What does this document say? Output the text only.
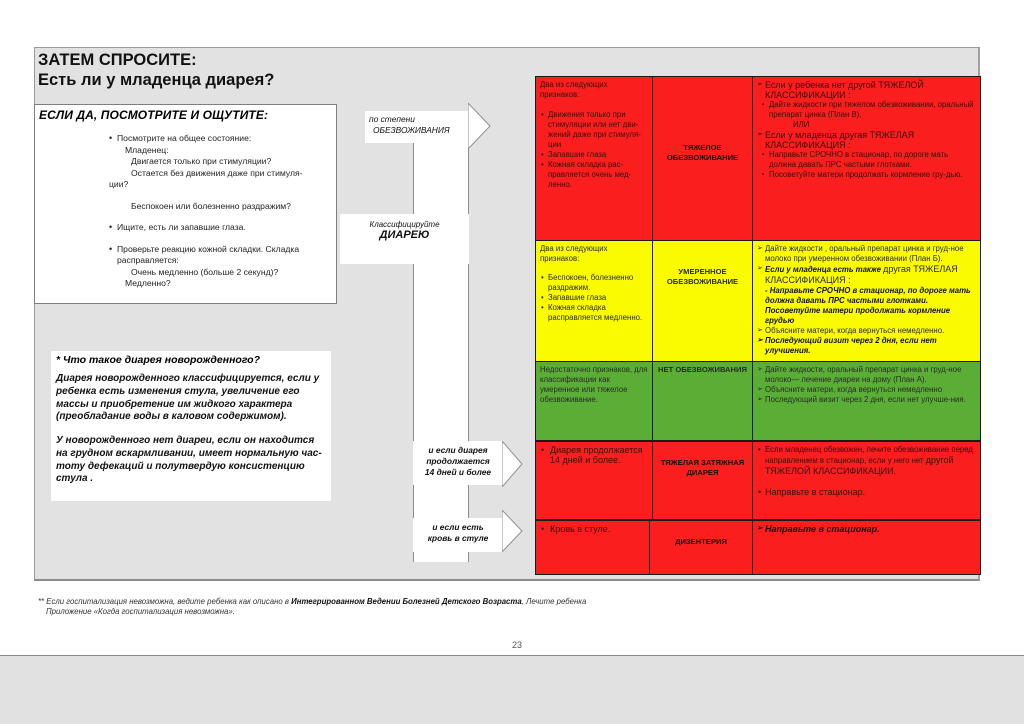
ЗАТЕМ СПРОСИТЕ:
Есть ли у младенца диарея?
ЕСЛИ ДА, ПОСМОТРИТЕ И ОЩУТИТЕ:
• Посмотрите на общее состояние:
Младенец:
Двигается только при стимуляции?
Остается без движения даже при стимуля-
ции?
Беспокоен или болезненно раздражим?
• Ищите, есть ли запавшие глаза.
• Проверьте реакцию кожной складки. Складка расправляется:
Очень медленно (больше 2 секунд)?
Медленно?
* Что такое диарея новорожденного?
Диарея новорожденного классифицируется, если у ребенка есть изменения стула, увеличение его массы и приобретение им жидкого характера (преобладание воды в каловом содержимом).
У новорожденного нет диареи, если он находится на грудном вскармливании, имеет нормальную час-тоту дефекаций и полутвердую консистенцию стула .
по степени
ОБЕЗВОЖИВАНИЯ
Классифицируйте
ДИАРЕЮ
и если диарея
продолжается
14 дней и более
и если есть
кровь в стуле
Два из следующих признаков:
• Движения только при стимуляции или нет дви-жений даже при стимуля-ции
• Запавшие глаза
• Кожная складка рас-правляется очень мед-ленно.
ТЯЖЕЛОЕ ОБЕЗВОЖИВАНИЕ
➢ Если у ребенка нет другой ТЯЖЕЛОЙ КЛАССИФИКАЦИИ :
▪ Дайте жидкости при тяжелом обезвоживании, оральный препарат цинка (План В).
ИЛИ
➢ Если у младенца другая ТЯЖЕЛАЯ КЛАССИФИКАЦИЯ :
▪ Направьте СРОЧНО в стационар, по дороге мать должна давать ПРС частыми глотками.
▪ Посоветуйте матери продолжать кормление гру-дью.
Два из следующих признаков:
• Беспокоен, болезненно раздражим.
• Запавшие глаза
• Кожная складка расправляется медленно.
УМЕРЕННОЕ ОБЕЗВОЖИВАНИЕ
➢ Дайте жидкости , оральный препарат цинка и груд-ное молоко при умеренном обезвоживании (План Б).
➢ Если у младенца есть также другая ТЯЖЕЛАЯ КЛАССИФИКАЦИЯ :
- Направьте СРОЧНО в стационар, по дороге мать должна давать ПРС частыми глотками. Посоветуйте матери продолжать кормление грудью
➢ Объясните матери, когда вернуться немедленно.
➢ Последующий визит через 2 дня, если нет улучшения.
Недостаточно признаков, для классификации как умеренное или тяжелое обезвоживание.
НЕТ ОБЕЗВОЖИВАНИЯ	➢ Дайте жидкости, оральный препарат цинка и груд-ное молоко— лечение диареи на дому (План А).
➢ Объясните матери, когда вернуться немедленно
➢ Последующий визит через 2 дня, если нет улучше-ния.
• Диарея продолжается 14 дней и более.	ТЯЖЕЛАЯ ЗАТЯЖНАЯ ДИАРЕЯ
• Если младенец обезвожен, лечите обезвоживание перед направлением в стационар, если у него нет другой ТЯЖЕЛОЙ КЛАССИФИКАЦИИ.
• Направьте в стационар.
• Кровь в стуле.
ДИЗЕНТЕРИЯ
➢ Направьте в стационар.
** Если госпитализация невозможна, ведите ребенка как описано в Интегрированном Ведении Болезней Детского Возраста, Лечите ребенка
Приложение «Когда госпитализация невозможна».
23
